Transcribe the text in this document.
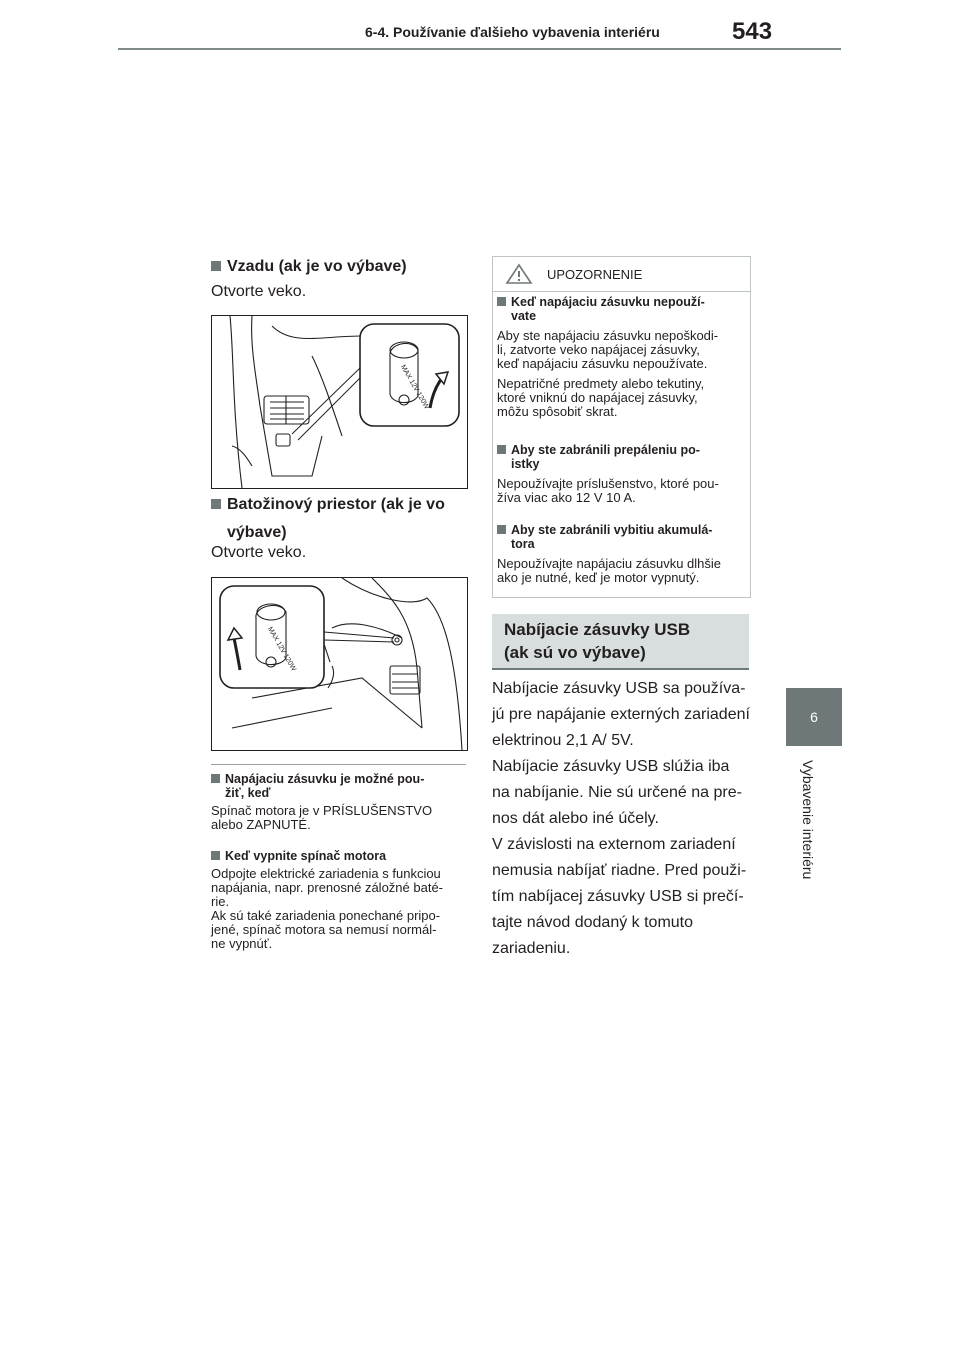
6-4. Používanie ďalšieho vybavenia interiéru	543
6
Vybavenie interiéru
Vzadu (ak je vo výbave)
Otvorte veko.
MAX 12V 120W
Batožinový priestor (ak je vo
výbave)
Otvorte veko.
MAX 12V 120W
Napájaciu zásuvku je možné pou-
žiť, keď
Spínač motora je v PRÍSLUŠENSTVO
alebo ZAPNUTÉ.
Keď vypnite spínač motora
Odpojte elektrické zariadenia s funkciou
napájania, napr. prenosné záložné baté-
rie.
Ak sú také zariadenia ponechané pripo-
jené, spínač motora sa nemusí normál-
ne vypnúť.
UPOZORNENIE
Keď napájaciu zásuvku nepouží-
vate
Aby ste napájaciu zásuvku nepoškodi-
li, zatvorte veko napájacej zásuvky,
keď napájaciu zásuvku nepoužívate.
Nepatričné predmety alebo tekutiny,
ktoré vniknú do napájacej zásuvky,
môžu spôsobiť skrat.
Aby ste zabránili prepáleniu po-
istky
Nepoužívajte príslušenstvo, ktoré pou-
žíva viac ako 12 V 10 A.
Aby ste zabránili vybitiu akumulá-
tora
Nepoužívajte napájaciu zásuvku dlhšie
ako je nutné, keď je motor vypnutý.
Nabíjacie zásuvky USB
(ak sú vo výbave)
Nabíjacie zásuvky USB sa používa-
jú pre napájanie externých zariadení
elektrinou 2,1 A/ 5V.
Nabíjacie zásuvky USB slúžia iba
na nabíjanie. Nie sú určené na pre-
nos dát alebo iné účely.
V závislosti na externom zariadení
nemusia nabíjať riadne. Pred použi-
tím nabíjacej zásuvky USB si prečí-
tajte návod dodaný k tomuto
zariadeniu.
